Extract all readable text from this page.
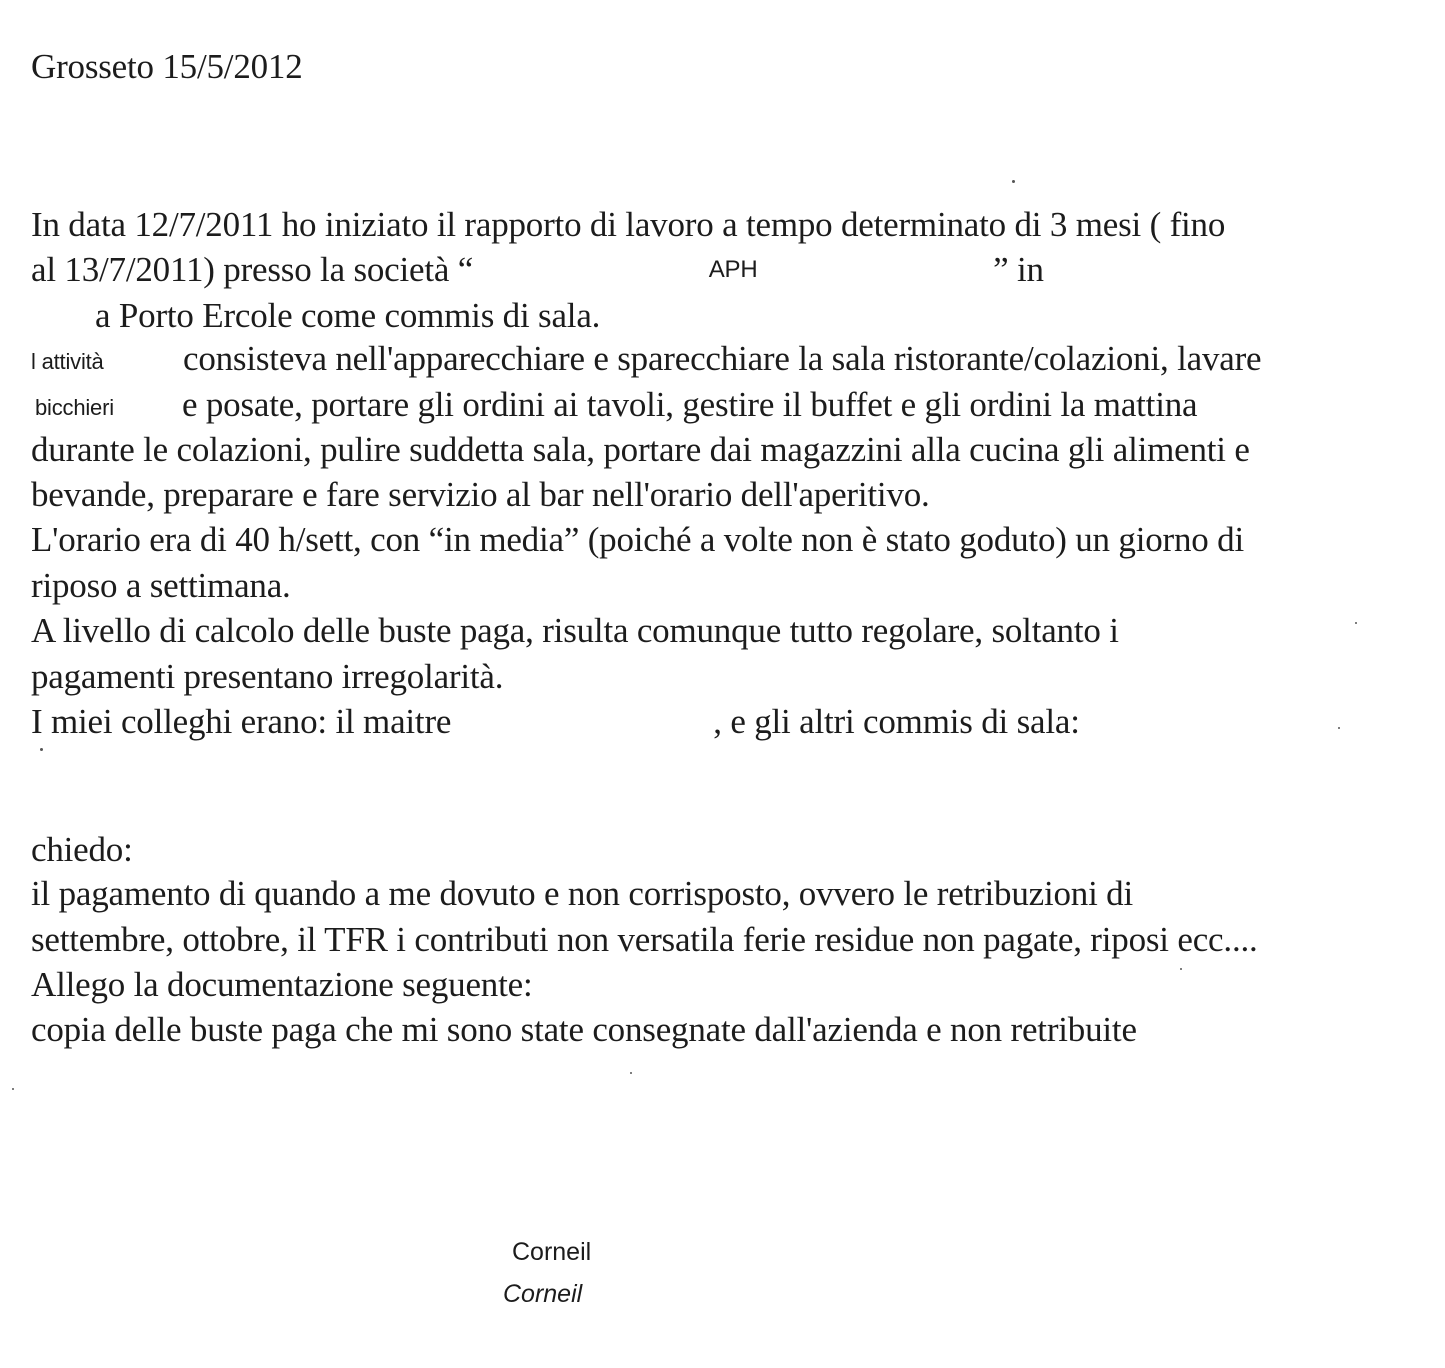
Grosseto 15/5/2012
In data 12/7/2011 ho iniziato il rapporto di lavoro a tempo determinato di 3 mesi ( fino
al 13/7/2011) presso la società “	APH	” in
a Porto Ercole come commis di sala.
l attività consisteva nell'apparecchiare e sparecchiare la sala ristorante/colazioni, lavare
bicchieri e posate, portare gli ordini ai tavoli, gestire il buffet e gli ordini la mattina
durante le colazioni, pulire suddetta sala, portare dai magazzini alla cucina gli alimenti e
bevande, preparare e fare servizio al bar nell'orario dell'aperitivo.
L'orario era di 40 h/sett, con “in media” (poiché a volte non è stato goduto) un giorno di
riposo a settimana.
A livello di calcolo delle buste paga, risulta comunque tutto regolare, soltanto i
pagamenti presentano irregolarità.
I miei colleghi erano: il maitre	, e gli altri commis di sala:
chiedo:
il pagamento di quando a me dovuto e non corrisposto, ovvero le retribuzioni di
settembre, ottobre, il TFR i contributi non versatila ferie residue non pagate, riposi ecc....
Allego la documentazione seguente:
copia delle buste paga che mi sono state consegnate dall'azienda e non retribuite
Corneil
Corneil
